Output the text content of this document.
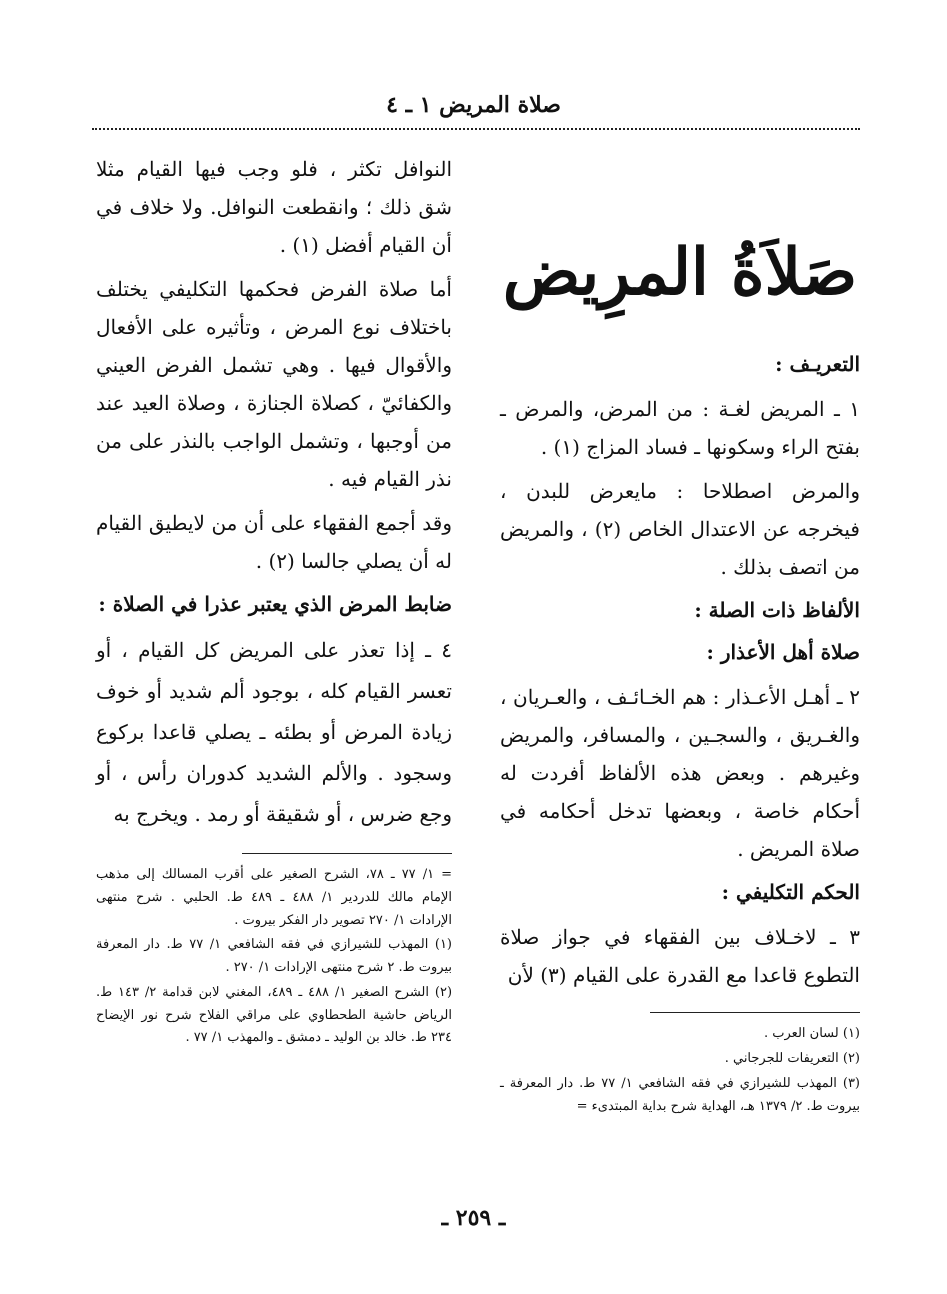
صلاة المريض ١ ـ ٤
صَلاَةُ المرِيض
التعريـف :

١ ـ المريض لغـة : من المرض، والمرض ـ بفتح الراء وسكونها ـ فساد المزاج (١) .

والمرض اصطلاحا : مايعرض للبدن ، فيخرجه عن الاعتدال الخاص (٢) ، والمريض من اتصف بذلك .

الألفاظ ذات الصلة :
صلاة أهل الأعذار :

٢ ـ أهـل الأعـذار : هم الخـائـف ، والعـريان ، والغـريق ، والسجـين ، والمسافر، والمريض وغيرهم . وبعض هذه الألفاظ أفردت له أحكام خاصة ، وبعضها تدخل أحكامه في صلاة المريض .

الحكم التكليفي :

٣ ـ لاخـلاف بين الفقهاء في جواز صلاة التطوع قاعدا مع القدرة على القيام (٣) لأن

(١) لسان العرب .

(٢) التعريفات للجرجاني .

(٣) المهذب للشيرازي في فقه الشافعي ١/ ٧٧ ط. دار المعرفة ـ بيروت ط. ٢/ ١٣٧٩ هـ، الهداية شرح بداية المبتدىء =

النوافل تكثر ، فلو وجب فيها القيام مثلا شق ذلك ؛ وانقطعت النوافل. ولا خلاف في أن القيام أفضل (١) .

أما صلاة الفرض فحكمها التكليفي يختلف باختلاف نوع المرض ، وتأثيره على الأفعال والأقوال فيها . وهي تشمل الفرض العيني والكفائيّ ، كصلاة الجنازة ، وصلاة العيد عند من أوجبها ، وتشمل الواجب بالنذر على من نذر القيام فيه .

وقد أجمع الفقهاء على أن من لايطيق القيام له أن يصلي جالسا (٢) .

ضابط المرض الذي يعتبر عذرا في الصلاة :

٤ ـ إذا تعذر على المريض كل القيام ، أو تعسر القيام كله ، بوجود ألم شديد أو خوف زيادة المرض أو بطئه ـ يصلي قاعدا بركوع وسجود . والألم الشديد كدوران رأس ، أو وجع ضرس ، أو شقيقة أو رمد . ويخرج به

= ١/ ٧٧ ـ ٧٨، الشرح الصغير على أقرب المسالك إلى مذهب الإمام مالك للدردير ١/ ٤٨٨ ـ ٤٨٩ ط. الحلبي . شرح منتهى الإرادات ١/ ٢٧٠ تصوير دار الفكر بيروت .

(١) المهذب للشيرازي في فقه الشافعي ١/ ٧٧ ط. دار المعرفة بيروت ط. ٢ شرح منتهى الإرادات ١/ ٢٧٠ .

(٢) الشرح الصغير ١/ ٤٨٨ ـ ٤٨٩، المغني لابن قدامة ٢/ ١٤٣ ط. الرياض حاشية الطحطاوي على مراقي الفلاح شرح نور الإيضاح ٢٣٤ ط. خالد بن الوليد ـ دمشق ـ والمهذب ١/ ٧٧ .

ـ ٢٥٩ ـ
